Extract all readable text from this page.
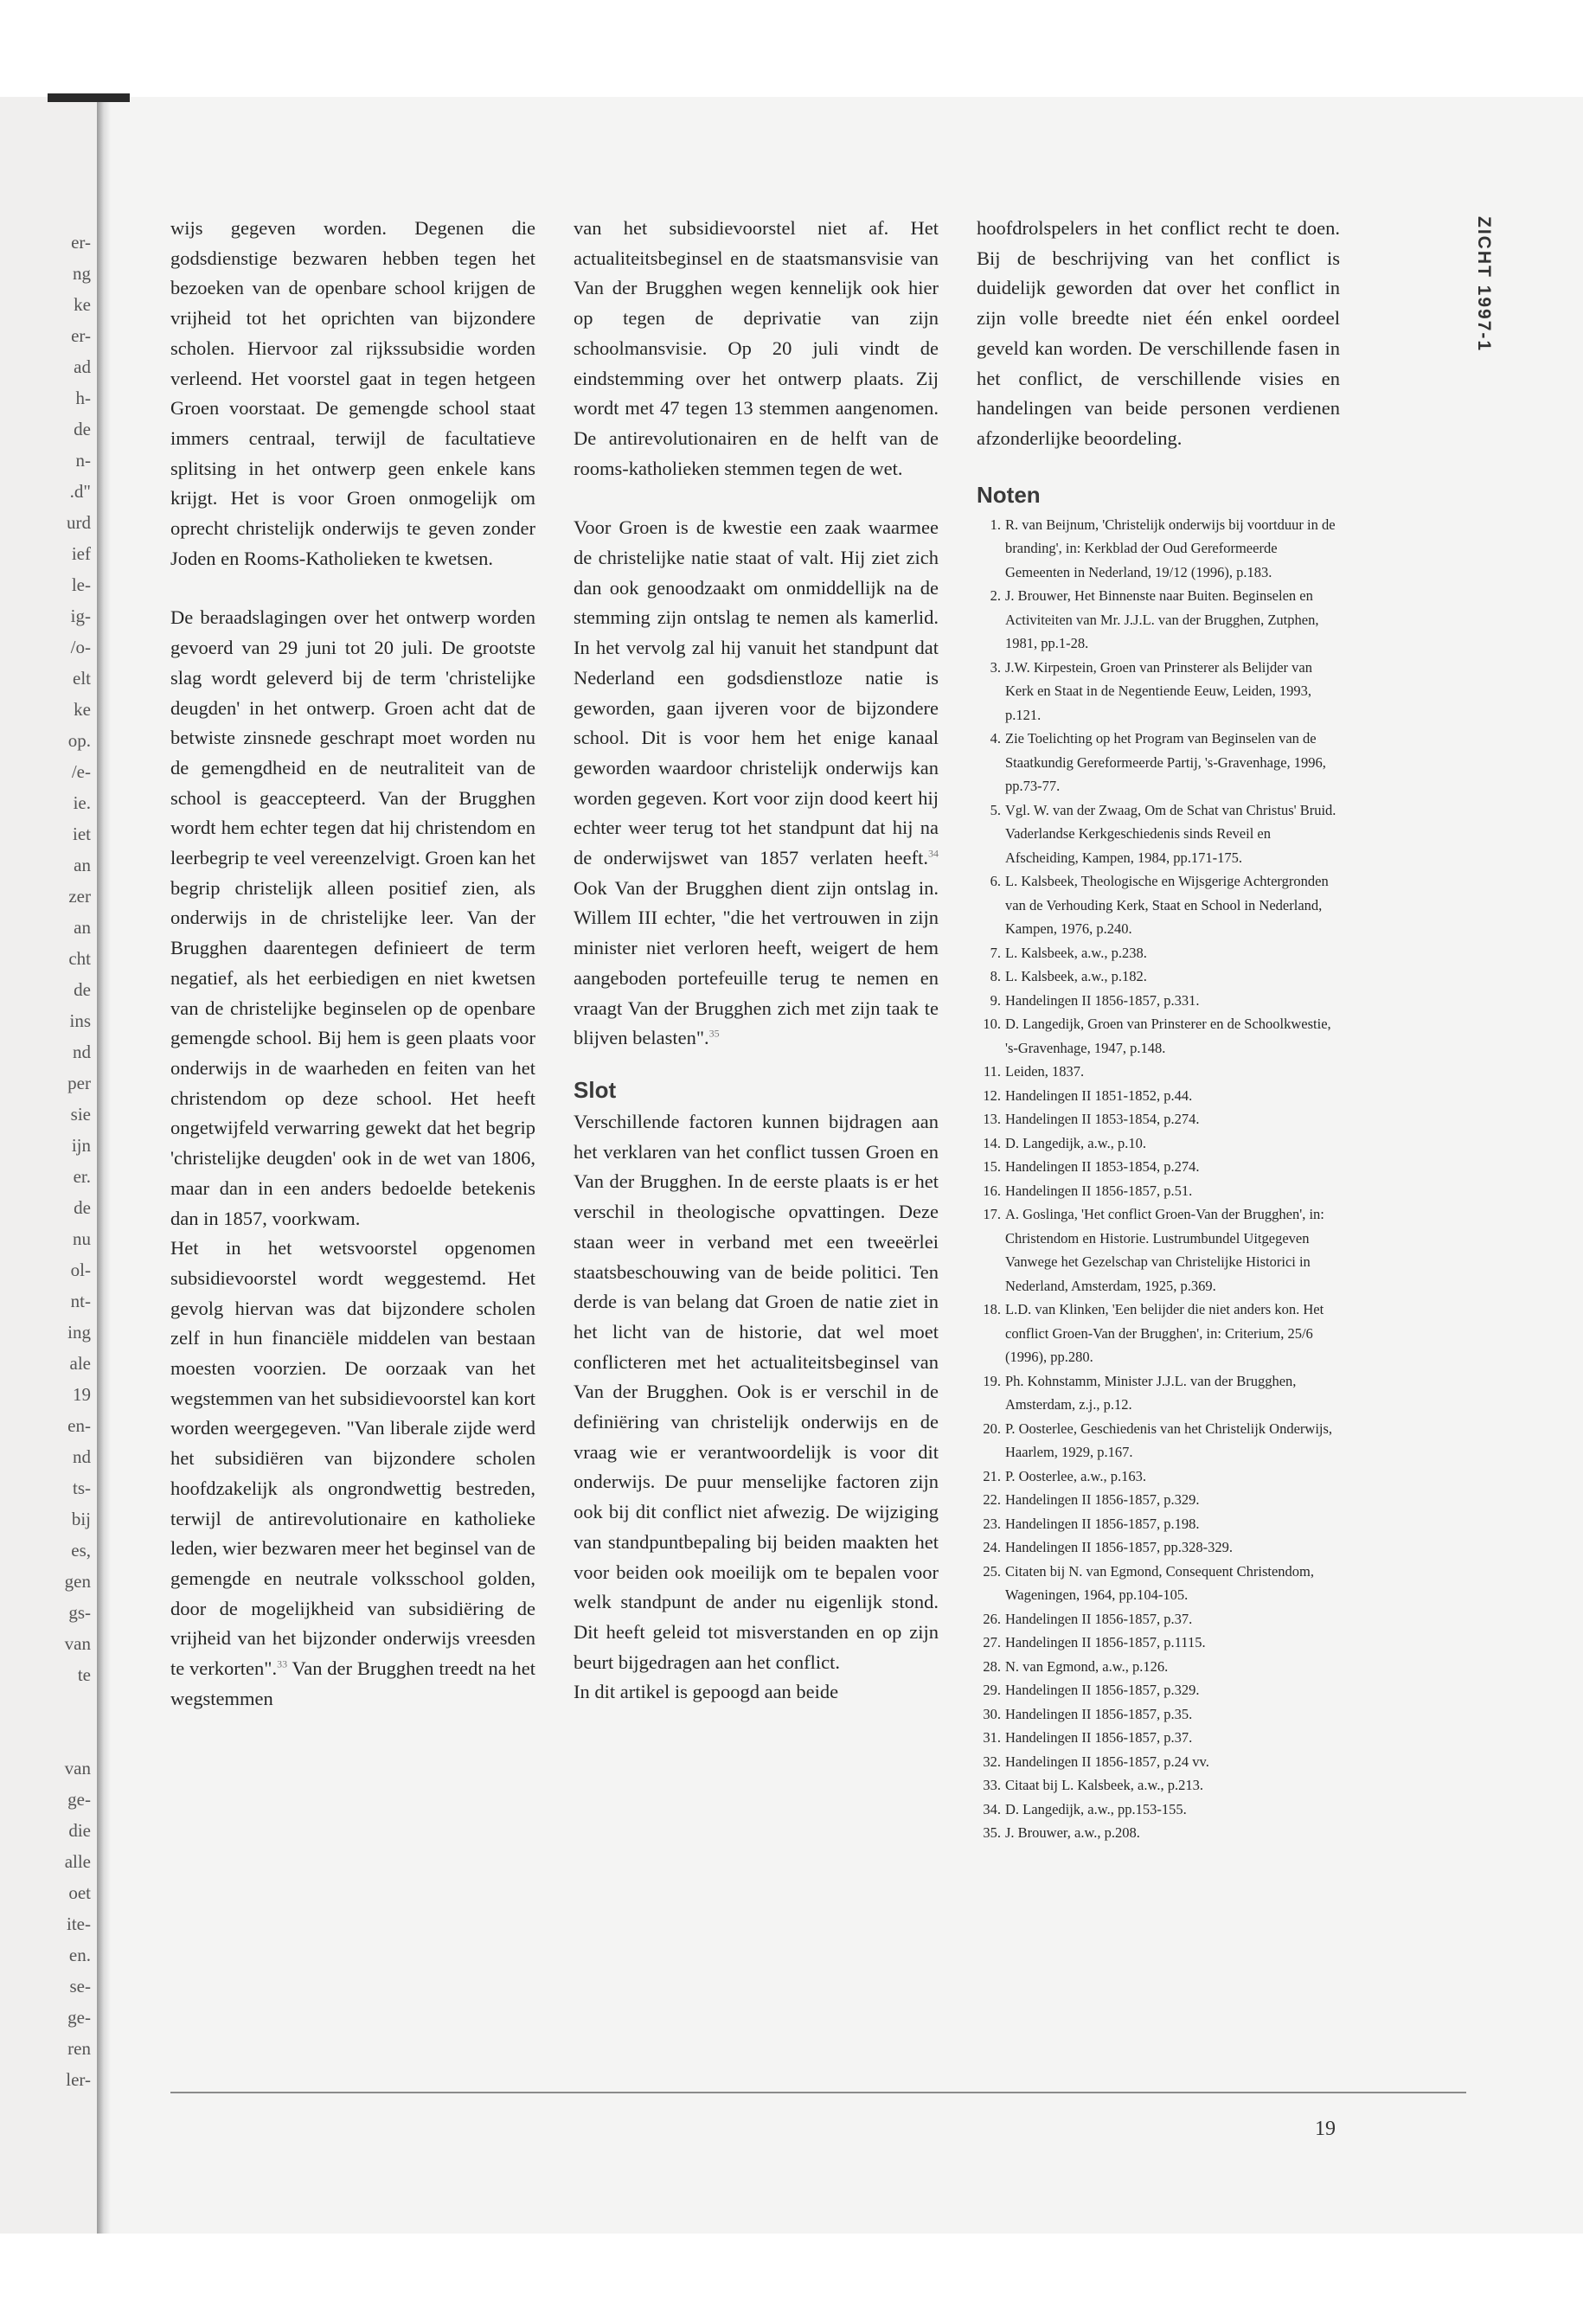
er-
ng
ke
er-
ad
h-
de
n-
.d"
urd
ief
le-
ig-
/o-
elt
ke
op.
/e-
ie.
iet
an
zer
an
cht
de
ins
nd
per
sie
ijn
er.
de
nu
ol-
nt-
ing
ale
19
en-
nd
ts-
bij
es,
gen
gs-
van
te
van
ge-
die
alle
oet
ite-
en.
se-
ge-
ren
ler-
ZICHT 1997-1

wijs gegeven worden. Degenen die godsdienstige bezwaren hebben tegen het bezoeken van de openbare school krijgen de vrijheid tot het oprichten van bijzondere scholen. Hiervoor zal rijkssubsidie worden verleend. Het voorstel gaat in tegen hetgeen Groen voorstaat. De gemengde school staat immers centraal, terwijl de facultatieve splitsing in het ontwerp geen enkele kans krijgt. Het is voor Groen onmogelijk om oprecht christelijk onderwijs te geven zonder Joden en Rooms-Katholieken te kwetsen.

De beraadslagingen over het ontwerp worden gevoerd van 29 juni tot 20 juli. De grootste slag wordt geleverd bij de term 'christelijke deugden' in het ontwerp. Groen acht dat de betwiste zinsnede geschrapt moet worden nu de gemengdheid en de neutraliteit van de school is geaccepteerd. Van der Brugghen wordt hem echter tegen dat hij christendom en leerbegrip te veel vereenzelvigt. Groen kan het begrip christelijk alleen positief zien, als onderwijs in de christelijke leer. Van der Brugghen daarentegen definieert de term negatief, als het eerbiedigen en niet kwetsen van de christelijke beginselen op de openbare gemengde school. Bij hem is geen plaats voor onderwijs in de waarheden en feiten van het christendom op deze school. Het heeft ongetwijfeld verwarring gewekt dat het begrip 'christelijke deugden' ook in de wet van 1806, maar dan in een anders bedoelde betekenis dan in 1857, voorkwam.

Het in het wetsvoorstel opgenomen subsidievoorstel wordt weggestemd. Het gevolg hiervan was dat bijzondere scholen zelf in hun financiële middelen van bestaan moesten voorzien. De oorzaak van het wegstemmen van het subsidievoorstel kan kort worden weergegeven. "Van liberale zijde werd het subsidiëren van bijzondere scholen hoofdzakelijk als ongrondwettig bestreden, terwijl de antirevolutionaire en katholieke leden, wier bezwaren meer het beginsel van de gemengde en neutrale volksschool golden, door de mogelijkheid van subsidiëring de vrijheid van het bijzonder onderwijs vreesden te verkorten".$^{33}$ Van der Brugghen treedt na het wegstemmen

van het subsidievoorstel niet af. Het actualiteitsbeginsel en de staatsmansvisie van Van der Brugghen wegen kennelijk ook hier op tegen de deprivatie van zijn schoolmansvisie. Op 20 juli vindt de eindstemming over het ontwerp plaats. Zij wordt met 47 tegen 13 stemmen aangenomen. De antirevolutionairen en de helft van de rooms-katholieken stemmen tegen de wet.

Voor Groen is de kwestie een zaak waarmee de christelijke natie staat of valt. Hij ziet zich dan ook genoodzaakt om onmiddellijk na de stemming zijn ontslag te nemen als kamerlid. In het vervolg zal hij vanuit het standpunt dat Nederland een godsdienstloze natie is geworden, gaan ijveren voor de bijzondere school. Dit is voor hem het enige kanaal geworden waardoor christelijk onderwijs kan worden gegeven. Kort voor zijn dood keert hij echter weer terug tot het standpunt dat hij na de onderwijswet van 1857 verlaten heeft.$^{34}$ Ook Van der Brugghen dient zijn ontslag in. Willem III echter, "die het vertrouwen in zijn minister niet verloren heeft, weigert de hem aangeboden portefeuille terug te nemen en vraagt Van der Brugghen zich met zijn taak te blijven belasten".$^{35}$

Slot

Verschillende factoren kunnen bijdragen aan het verklaren van het conflict tussen Groen en Van der Brugghen. In de eerste plaats is er het verschil in theologische opvattingen. Deze staan weer in verband met een tweeërlei staatsbeschouwing van de beide politici. Ten derde is van belang dat Groen de natie ziet in het licht van de historie, dat wel moet conflicteren met het actualiteitsbeginsel van Van der Brugghen. Ook is er verschil in de definiëring van christelijk onderwijs en de vraag wie er verantwoordelijk is voor dit onderwijs. De puur menselijke factoren zijn ook bij dit conflict niet afwezig. De wijziging van standpuntbepaling bij beiden maakten het voor beiden ook moeilijk om te bepalen voor welk standpunt de ander nu eigenlijk stond. Dit heeft geleid tot misverstanden en op zijn beurt bijgedragen aan het conflict.

In dit artikel is gepoogd aan beide

hoofdrolspelers in het conflict recht te doen. Bij de beschrijving van het conflict is duidelijk geworden dat over het conflict in zijn volle breedte niet één enkel oordeel geveld kan worden. De verschillende fasen in het conflict, de verschillende visies en handelingen van beide personen verdienen afzonderlijke beoordeling.

Noten
1. R. van Beijnum, 'Christelijk onderwijs bij voortduur in de branding', in: Kerkblad der Oud Gereformeerde Gemeenten in Nederland, 19/12 (1996), p.183.
2. J. Brouwer, Het Binnenste naar Buiten. Beginselen en Activiteiten van Mr. J.J.L. van der Brugghen, Zutphen, 1981, pp.1-28.
3. J.W. Kirpestein, Groen van Prinsterer als Belijder van Kerk en Staat in de Negentiende Eeuw, Leiden, 1993, p.121.
4. Zie Toelichting op het Program van Beginselen van de Staatkundig Gereformeerde Partij, 's-Gravenhage, 1996, pp.73-77.
5. Vgl. W. van der Zwaag, Om de Schat van Christus' Bruid. Vaderlandse Kerkgeschiedenis sinds Reveil en Afscheiding, Kampen, 1984, pp.171-175.
6. L. Kalsbeek, Theologische en Wijsgerige Achtergronden van de Verhouding Kerk, Staat en School in Nederland, Kampen, 1976, p.240.
7. L. Kalsbeek, a.w., p.238.
8. L. Kalsbeek, a.w., p.182.
9. Handelingen II 1856-1857, p.331.
10. D. Langedijk, Groen van Prinsterer en de Schoolkwestie, 's-Gravenhage, 1947, p.148.
11. Leiden, 1837.
12. Handelingen II 1851-1852, p.44.
13. Handelingen II 1853-1854, p.274.
14. D. Langedijk, a.w., p.10.
15. Handelingen II 1853-1854, p.274.
16. Handelingen II 1856-1857, p.51.
17. A. Goslinga, 'Het conflict Groen-Van der Brugghen', in: Christendom en Historie. Lustrumbundel Uitgegeven Vanwege het Gezelschap van Christelijke Historici in Nederland, Amsterdam, 1925, p.369.
18. L.D. van Klinken, 'Een belijder die niet anders kon. Het conflict Groen-Van der Brugghen', in: Criterium, 25/6 (1996), pp.280.
19. Ph. Kohnstamm, Minister J.J.L. van der Brugghen, Amsterdam, z.j., p.12.
20. P. Oosterlee, Geschiedenis van het Christelijk Onderwijs, Haarlem, 1929, p.167.
21. P. Oosterlee, a.w., p.163.
22. Handelingen II 1856-1857, p.329.
23. Handelingen II 1856-1857, p.198.
24. Handelingen II 1856-1857, pp.328-329.
25. Citaten bij N. van Egmond, Consequent Christendom, Wageningen, 1964, pp.104-105.
26. Handelingen II 1856-1857, p.37.
27. Handelingen II 1856-1857, p.1115.
28. N. van Egmond, a.w., p.126.
29. Handelingen II 1856-1857, p.329.
30. Handelingen II 1856-1857, p.35.
31. Handelingen II 1856-1857, p.37.
32. Handelingen II 1856-1857, p.24 vv.
33. Citaat bij L. Kalsbeek, a.w., p.213.
34. D. Langedijk, a.w., pp.153-155.
35. J. Brouwer, a.w., p.208.
19
